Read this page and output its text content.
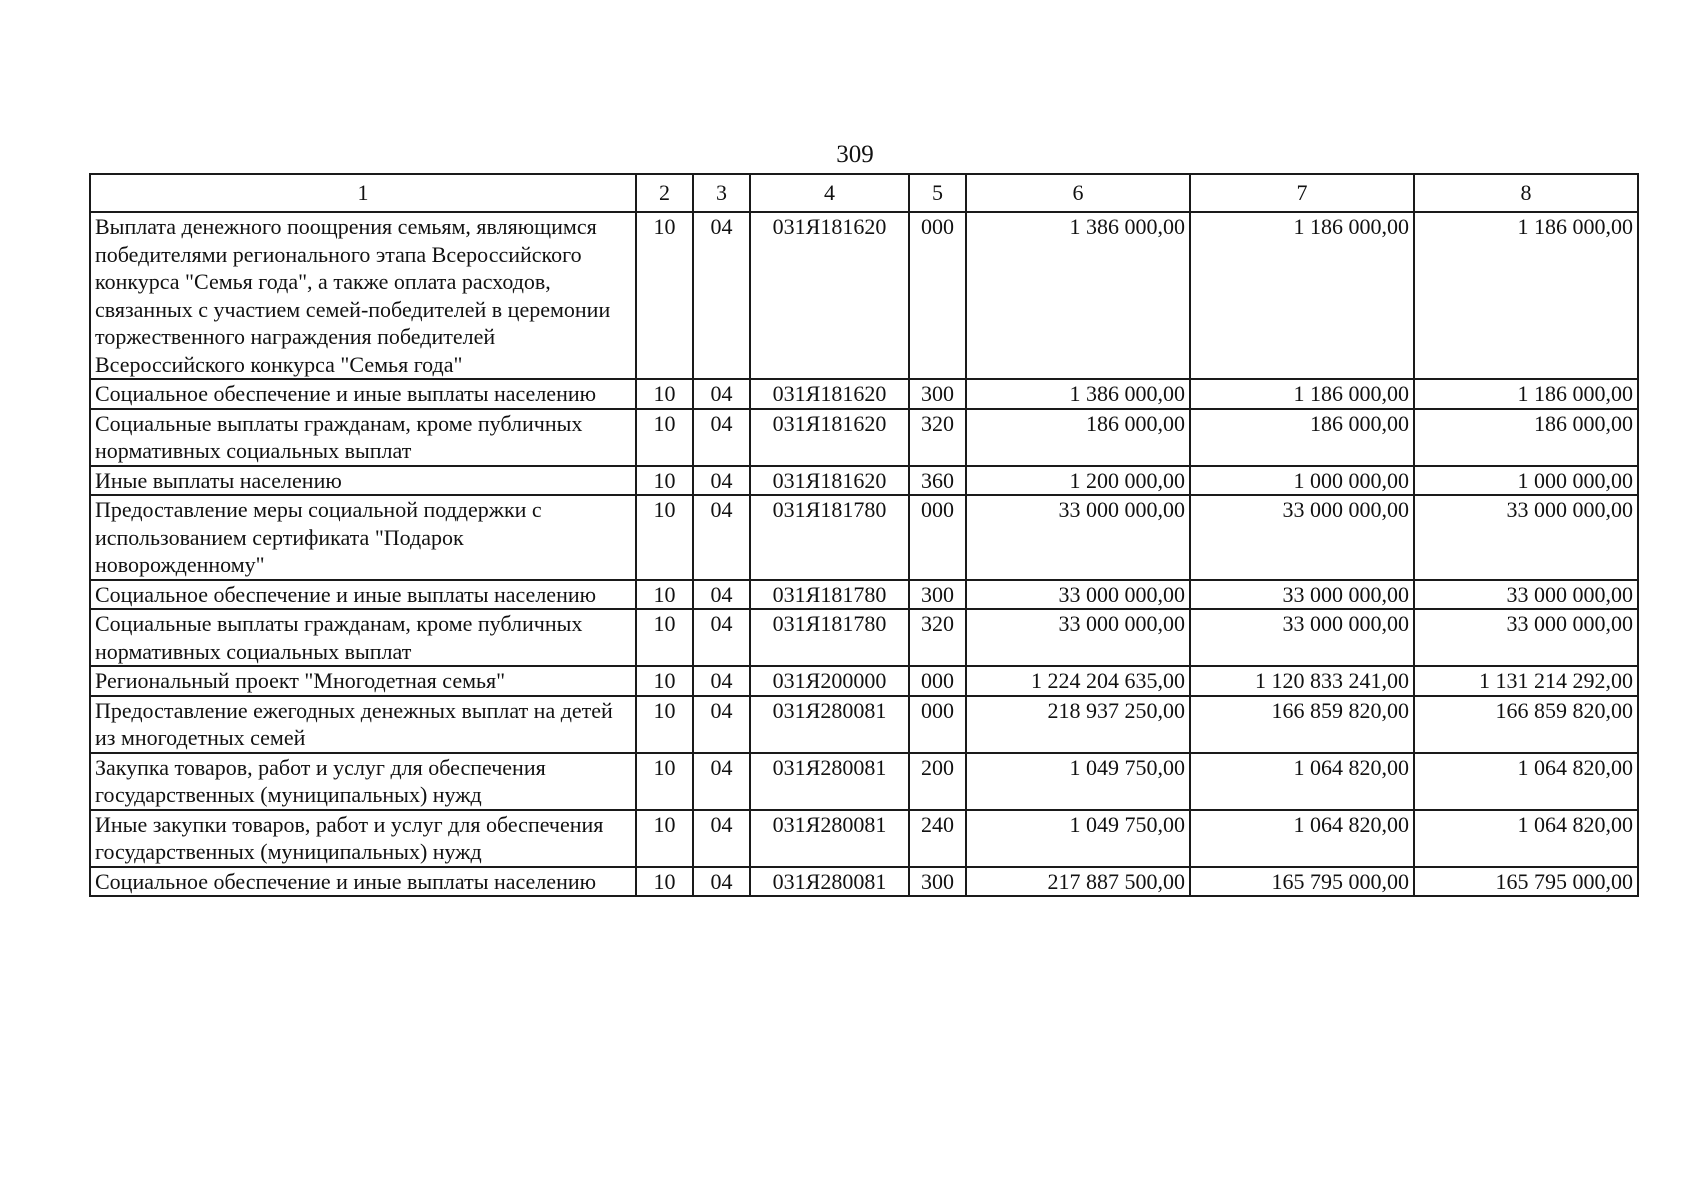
309
1	2	3	4	5	6	7	8
Выплата денежного поощрения семьям, являющимся победителями регионального этапа Всероссийского конкурса "Семья года", а также оплата расходов, связанных с участием семей-победителей в церемонии торжественного награждения победителей Всероссийского конкурса "Семья года"	10	04	031Я181620	000	1 386 000,00	1 186 000,00	1 186 000,00
Социальное обеспечение и иные выплаты населению	10	04	031Я181620	300	1 386 000,00	1 186 000,00	1 186 000,00
Социальные выплаты гражданам, кроме публичных нормативных социальных выплат	10	04	031Я181620	320	186 000,00	186 000,00	186 000,00
Иные выплаты населению	10	04	031Я181620	360	1 200 000,00	1 000 000,00	1 000 000,00
Предоставление меры социальной поддержки с использованием сертификата "Подарок новорожденному"	10	04	031Я181780	000	33 000 000,00	33 000 000,00	33 000 000,00
Социальное обеспечение и иные выплаты населению	10	04	031Я181780	300	33 000 000,00	33 000 000,00	33 000 000,00
Социальные выплаты гражданам, кроме публичных нормативных социальных выплат	10	04	031Я181780	320	33 000 000,00	33 000 000,00	33 000 000,00
Региональный проект "Многодетная семья"	10	04	031Я200000	000	1 224 204 635,00	1 120 833 241,00	1 131 214 292,00
Предоставление ежегодных денежных выплат на детей из многодетных семей	10	04	031Я280081	000	218 937 250,00	166 859 820,00	166 859 820,00
Закупка товаров, работ и услуг для обеспечения государственных (муниципальных) нужд	10	04	031Я280081	200	1 049 750,00	1 064 820,00	1 064 820,00
Иные закупки товаров, работ и услуг для обеспечения государственных (муниципальных) нужд	10	04	031Я280081	240	1 049 750,00	1 064 820,00	1 064 820,00
Социальное обеспечение и иные выплаты населению	10	04	031Я280081	300	217 887 500,00	165 795 000,00	165 795 000,00
